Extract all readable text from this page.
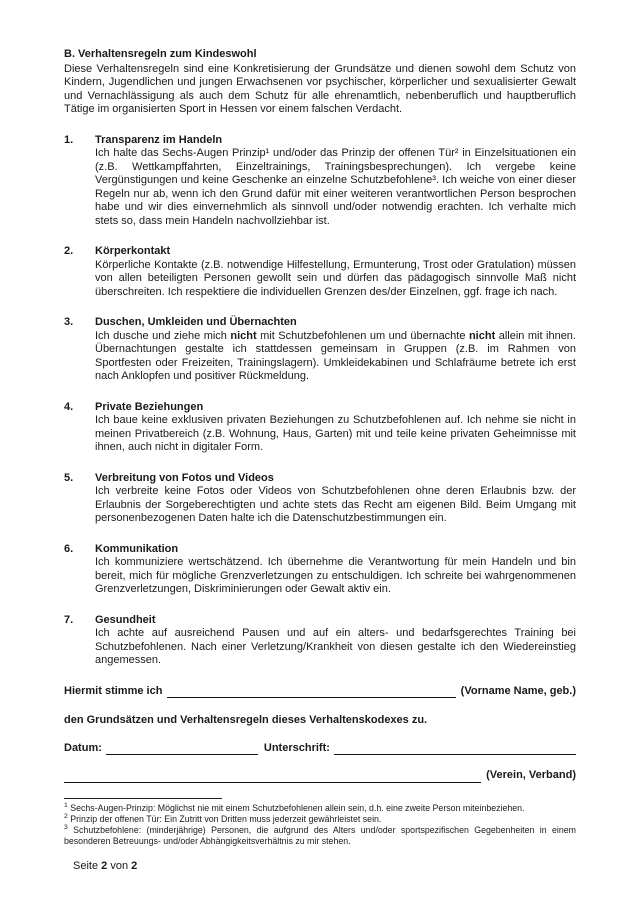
B. Verhaltensregeln zum Kindeswohl

Diese Verhaltensregeln sind eine Konkretisierung der Grundsätze und dienen sowohl dem Schutz von Kindern, Jugendlichen und jungen Erwachsenen vor psychischer, körperlicher und sexualisierter Gewalt und Vernachlässigung als auch dem Schutz für alle ehrenamtlich, nebenberuflich und hauptberuflich Tätige im organisierten Sport in Hessen vor einem falschen Verdacht.

1.	Transparenz im Handeln
Ich halte das Sechs-Augen Prinzip¹ und/oder das Prinzip der offenen Tür² in Einzelsituationen ein (z.B. Wettkampffahrten, Einzeltrainings, Trainingsbesprechungen). Ich vergebe keine Vergünstigungen und keine Geschenke an einzelne Schutzbefohlene³. Ich weiche von einer dieser Regeln nur ab, wenn ich den Grund dafür mit einer weiteren verantwortlichen Person besprochen habe und wir dies einvernehmlich als sinnvoll und/oder notwendig erachten. Ich verhalte mich stets so, dass mein Handeln nachvollziehbar ist.
2.	Körperkontakt
Körperliche Kontakte (z.B. notwendige Hilfestellung, Ermunterung, Trost oder Gratulation) müssen von allen beteiligten Personen gewollt sein und dürfen das pädagogisch sinnvolle Maß nicht überschreiten. Ich respektiere die individuellen Grenzen des/der Einzelnen, ggf. frage ich nach.
3.	Duschen, Umkleiden und Übernachten
Ich dusche und ziehe mich nicht mit Schutzbefohlenen um und übernachte nicht allein mit ihnen. Übernachtungen gestalte ich stattdessen gemeinsam in Gruppen (z.B. im Rahmen von Sportfesten oder Freizeiten, Trainingslagern). Umkleidekabinen und Schlafräume betrete ich erst nach Anklopfen und positiver Rückmeldung.
4.	Private Beziehungen
Ich baue keine exklusiven privaten Beziehungen zu Schutzbefohlenen auf. Ich nehme sie nicht in meinen Privatbereich (z.B. Wohnung, Haus, Garten) mit und teile keine privaten Geheimnisse mit ihnen, auch nicht in digitaler Form.
5.	Verbreitung von Fotos und Videos
Ich verbreite keine Fotos oder Videos von Schutzbefohlenen ohne deren Erlaubnis bzw. der Erlaubnis der Sorgeberechtigten und achte stets das Recht am eigenen Bild. Beim Umgang mit personenbezogenen Daten halte ich die Datenschutzbestimmungen ein.
6.	Kommunikation
Ich kommuniziere wertschätzend. Ich übernehme die Verantwortung für mein Handeln und bin bereit, mich für mögliche Grenzverletzungen zu entschuldigen. Ich schreite bei wahrgenommenen Grenzverletzungen, Diskriminierungen oder Gewalt aktiv ein.
7.	Gesundheit
Ich achte auf ausreichend Pausen und auf ein alters- und bedarfsgerechtes Training bei Schutzbefohlenen. Nach einer Verletzung/Krankheit von diesen gestalte ich den Wiedereinstieg angemessen.
Hiermit stimme ich	(Vorname Name, geb.)

den Grundsätzen und Verhaltensregeln dieses Verhaltenskodexes zu.

Datum:	Unterschrift:
(Verein, Verband)

$^1$ Sechs-Augen-Prinzip: Möglichst nie mit einem Schutzbefohlenen allein sein, d.h. eine zweite Person miteinbeziehen.

$^2$ Prinzip der offenen Tür: Ein Zutritt von Dritten muss jederzeit gewährleistet sein.

$^3$ Schutzbefohlene: (minderjährige) Personen, die aufgrund des Alters und/oder sportspezifischen Gegebenheiten in einem besonderen Betreuungs- und/oder Abhängigkeitsverhältnis zu mir stehen.

Seite 2 von 2
